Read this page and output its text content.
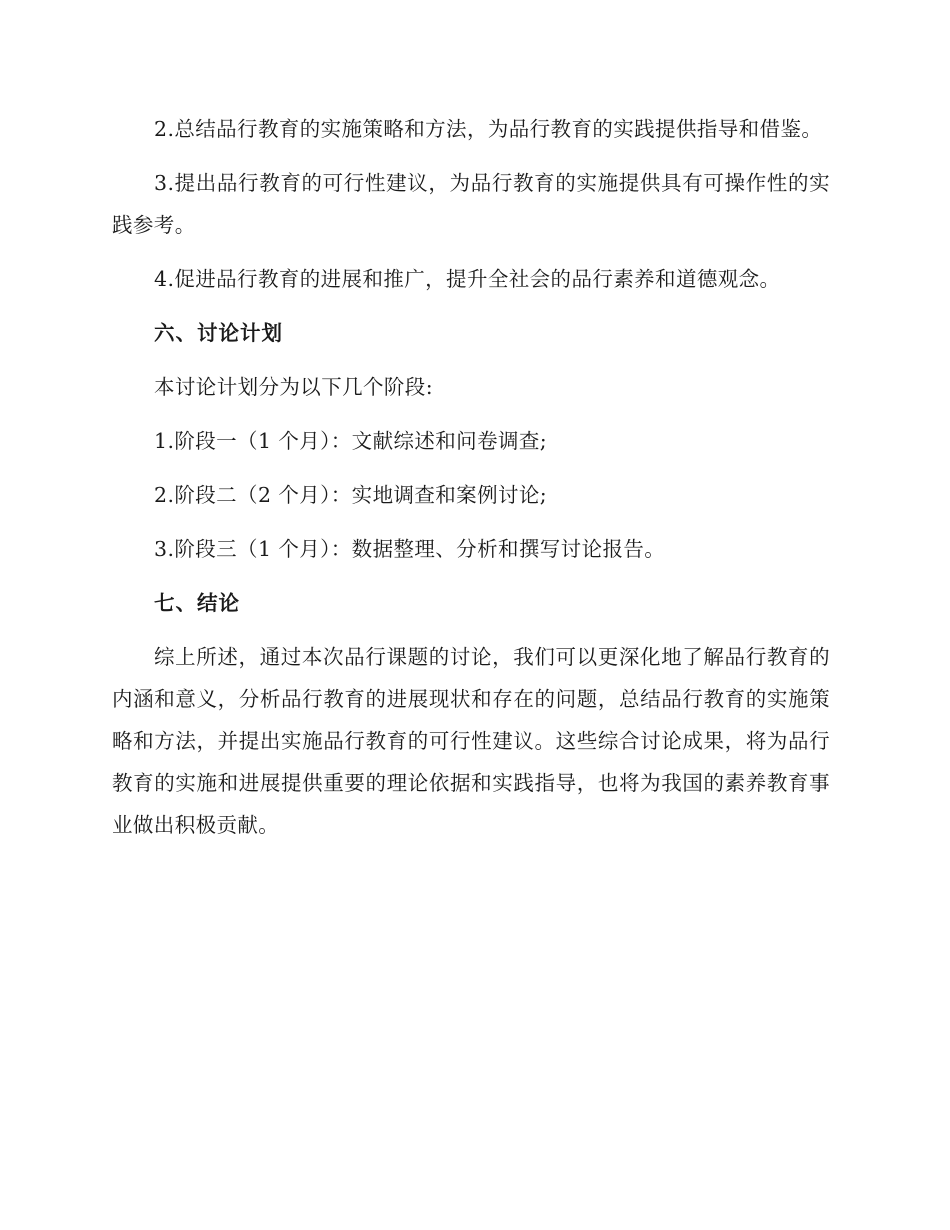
2.总结品行教育的实施策略和方法，为品行教育的实践提供指导和借鉴。

3.提出品行教育的可行性建议，为品行教育的实施提供具有可操作性的实践参考。

4.促进品行教育的进展和推广，提升全社会的品行素养和道德观念。

六、讨论计划

本讨论计划分为以下几个阶段:

1.阶段一（1 个月）：文献综述和问卷调查;

2.阶段二（2 个月）：实地调查和案例讨论;

3.阶段三（1 个月）：数据整理、分析和撰写讨论报告。

七、结论

综上所述，通过本次品行课题的讨论，我们可以更深化地了解品行教育的内涵和意义，分析品行教育的进展现状和存在的问题，总结品行教育的实施策略和方法，并提出实施品行教育的可行性建议。这些综合讨论成果，将为品行教育的实施和进展提供重要的理论依据和实践指导，也将为我国的素养教育事业做出积极贡献。
